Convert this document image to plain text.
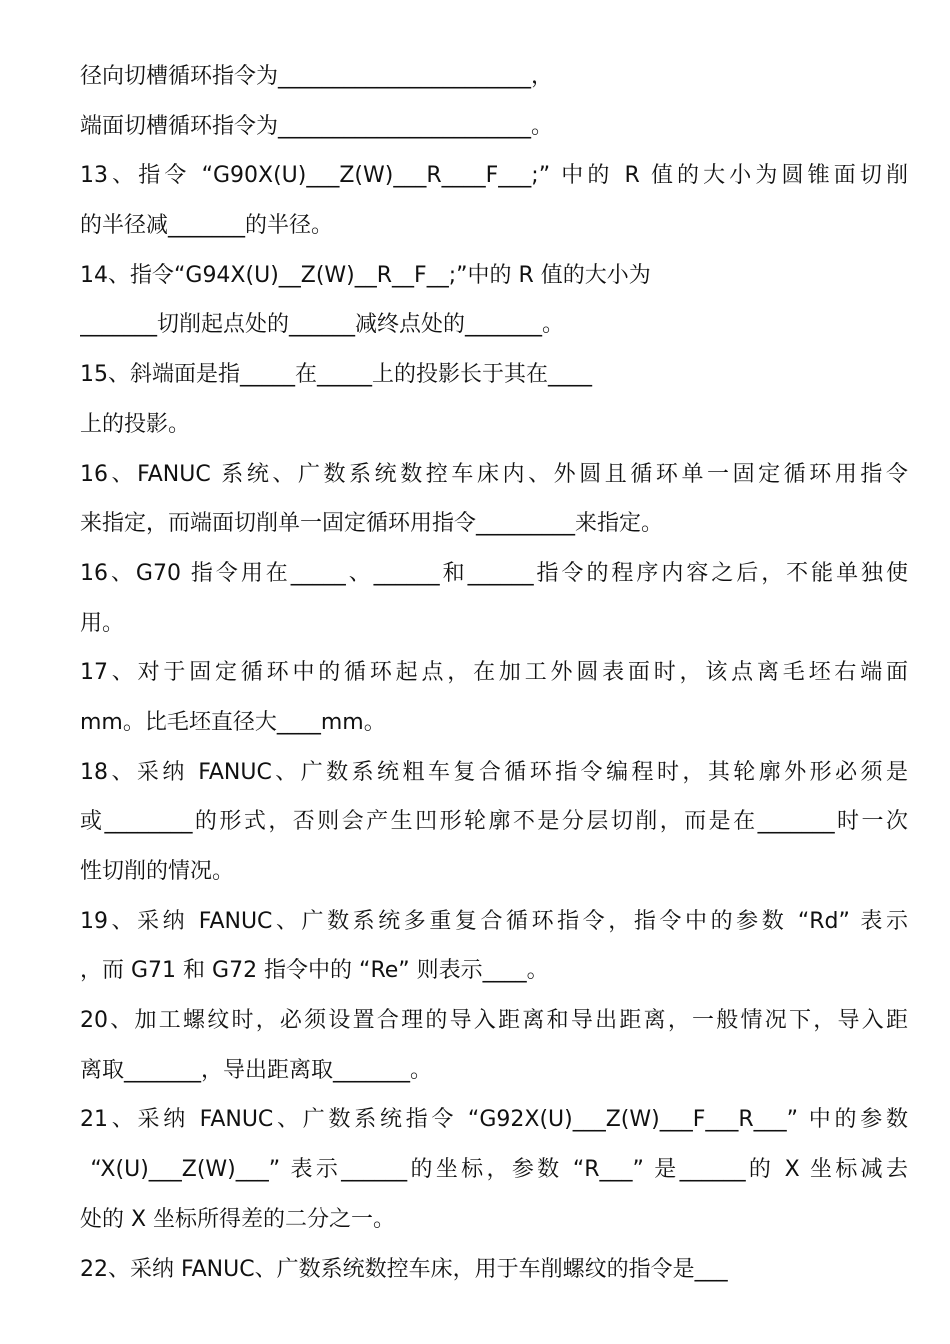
径向切槽循环指令为_______________________，
端面切槽循环指令为_______________________。
13、指令 “G90X(U)___Z(W)___R____F___;” 中的 R 值的大小为圆锥面切削
的半径减_______的半径。
14、指令“G94X(U)__Z(W)__R__F__;”中的 R 值的大小为
_______切削起点处的______减终点处的_______。
15、斜端面是指_____在_____上的投影长于其在____
上的投影。
16、FANUC 系统、广数系统数控车床内、外圆且循环单一固定循环用指令
来指定，而端面切削单一固定循环用指令_________来指定。
16、G70 指令用在_____、______和______指令的程序内容之后，不能单独使
用。
17、对于固定循环中的循环起点，在加工外圆表面时，该点离毛坯右端面
mm。比毛坯直径大____mm。
18、采纳 FANUC、广数系统粗车复合循环指令编程时，其轮廓外形必须是
或________的形式，否则会产生凹形轮廓不是分层切削，而是在_______时一次
性切削的情况。
19、采纳 FANUC、广数系统多重复合循环指令，指令中的参数 “Rd” 表示
，而 G71 和 G72 指令中的 “Re” 则表示____。
20、加工螺纹时，必须设置合理的导入距离和导出距离，一般情况下，导入距
离取_______，导出距离取_______。
21、采纳 FANUC、广数系统指令 “G92X(U)___Z(W)___F___R___” 中的参数
“X(U)___Z(W)___” 表示______的坐标，参数 “R___” 是______的 X 坐标减去
处的 X 坐标所得差的二分之一。
22、采纳 FANUC、广数系统数控车床，用于车削螺纹的指令是___
